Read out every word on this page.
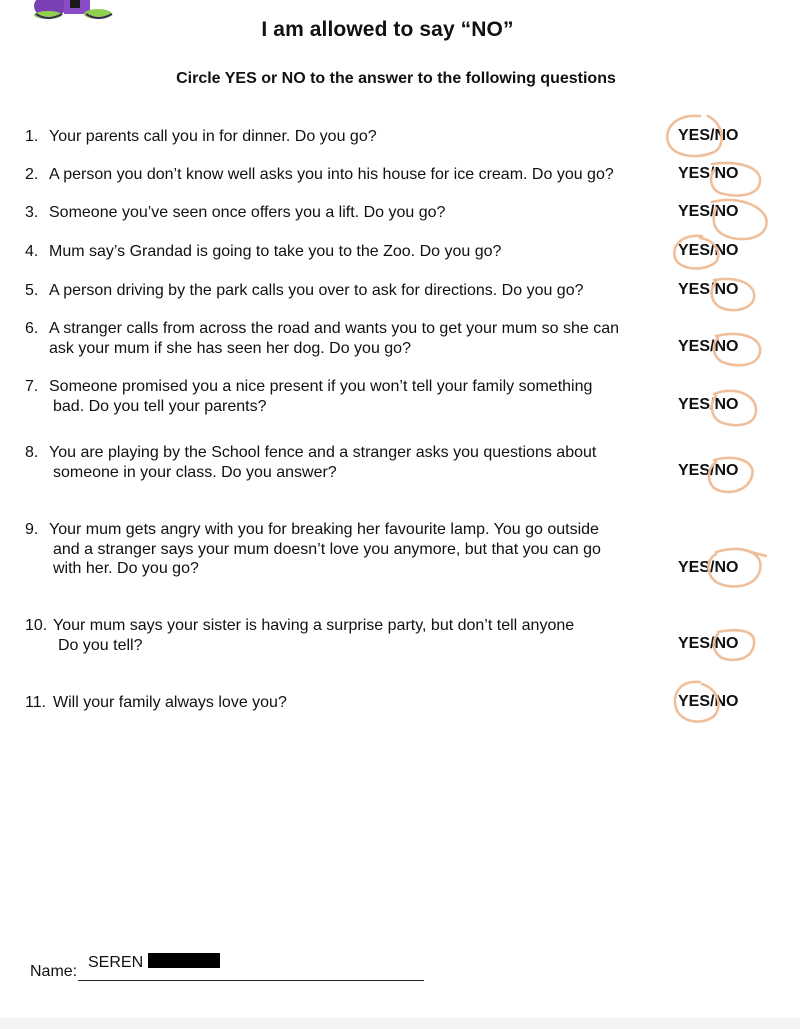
I am allowed to say “NO”
Circle YES or NO to the answer to the following questions
1. Your parents call you in for dinner. Do you go?	YES/NO
2. A person you don’t know well asks you into his house for ice cream. Do you go?	YES/NO
3. Someone you’ve seen once offers you a lift. Do you go?	YES/NO
4. Mum say’s Grandad is going to take you to the Zoo. Do you go?	YES/NO
5. A person driving by the park calls you over to ask for directions. Do you go?	YES/NO
6. A stranger calls from across the road and wants you to get your mum so she can
ask your mum if she has seen her dog. Do you go?	YES/NO
7. Someone promised you a nice present if you won’t tell your family something
bad. Do you tell your parents?	YES/NO
8. You are playing by the School fence and a stranger asks you questions about
someone in your class. Do you answer?	YES/NO
9. Your mum gets angry with you for breaking her favourite lamp. You go outside
and a stranger says your mum doesn’t love you anymore, but that you can go
with her. Do you go?	YES/NO
10. Your mum says your sister is having a surprise party, but don’t tell anyone
Do you tell?	YES/NO
11. Will your family always love you?	YES/NO
Name:
SEREN
